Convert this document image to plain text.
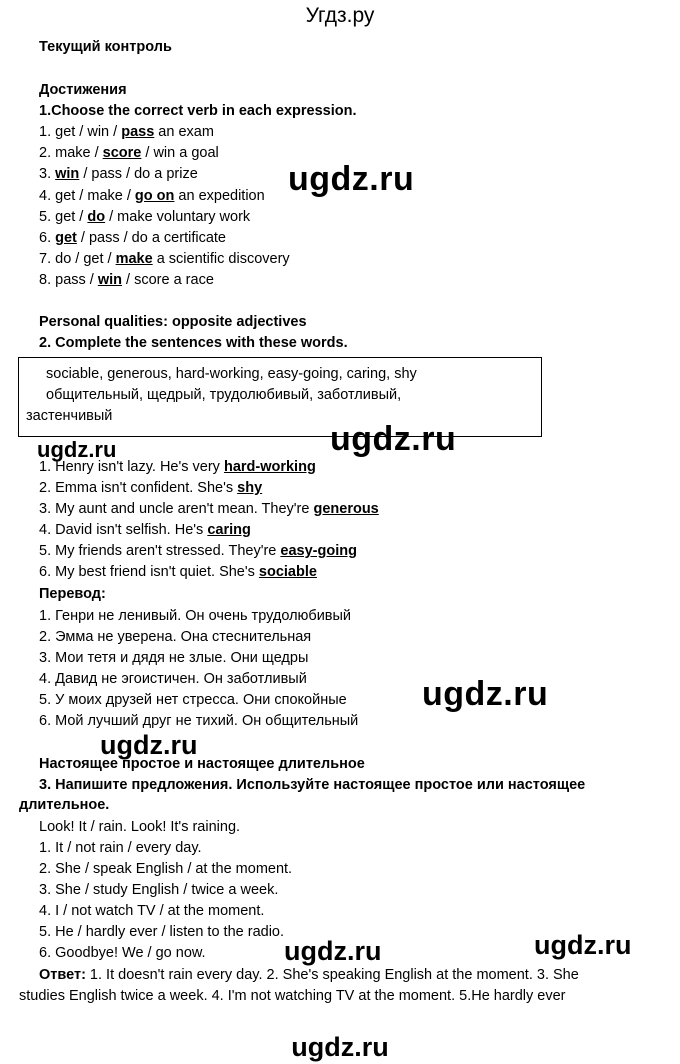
Угдз.ру
Текущий контроль
Достижения
1.Choose the correct verb in each expression.
1. get / win / pass an exam
2. make / score / win a goal
3. win / pass / do a prize
4. get / make / go on an expedition
5. get / do / make voluntary work
6. get / pass / do a certificate
7. do / get / make a scientific discovery
8. pass / win / score a race
Personal qualities: opposite adjectives
2. Complete the sentences with these words.
sociable, generous, hard-working, easy-going, caring, shy
общительный, щедрый, трудолюбивый, заботливый,
застенчивый
1. Henry isn't lazy. He's very hard-working
2. Emma isn't confident. She's shy
3. My aunt and uncle aren't mean. They're generous
4. David isn't selfish. He's caring
5. My friends aren't stressed. They're easy-going
6. My best friend isn't quiet. She's sociable
Перевод:
1. Генри не ленивый. Он очень трудолюбивый
2. Эмма не уверена. Она стеснительная
3. Мои тетя и дядя не злые. Они щедры
4. Давид не эгоистичен. Он заботливый
5. У моих друзей нет стресса. Они спокойные
6. Мой лучший друг не тихий. Он общительный
Настоящее простое и настоящее длительное
3. Напишите предложения. Используйте настоящее простое или настоящее
длительное.
Look! It / rain. Look! It's raining.
1. It / not rain / every day.
2. She / speak English / at the moment.
3. She / study English / twice a week.
4. I / not watch TV / at the moment.
5. He / hardly ever / listen to the radio.
6. Goodbye! We / go now.
Ответ: 1. It doesn't rain every day. 2. She's speaking English at the moment. 3. She
studies English twice a week. 4. I'm not watching TV at the moment. 5.He hardly ever
ugdz.ru
ugdz.ru
ugdz.ru
ugdz.ru
ugdz.ru
ugdz.ru	ugdz.ru
ugdz.ru
